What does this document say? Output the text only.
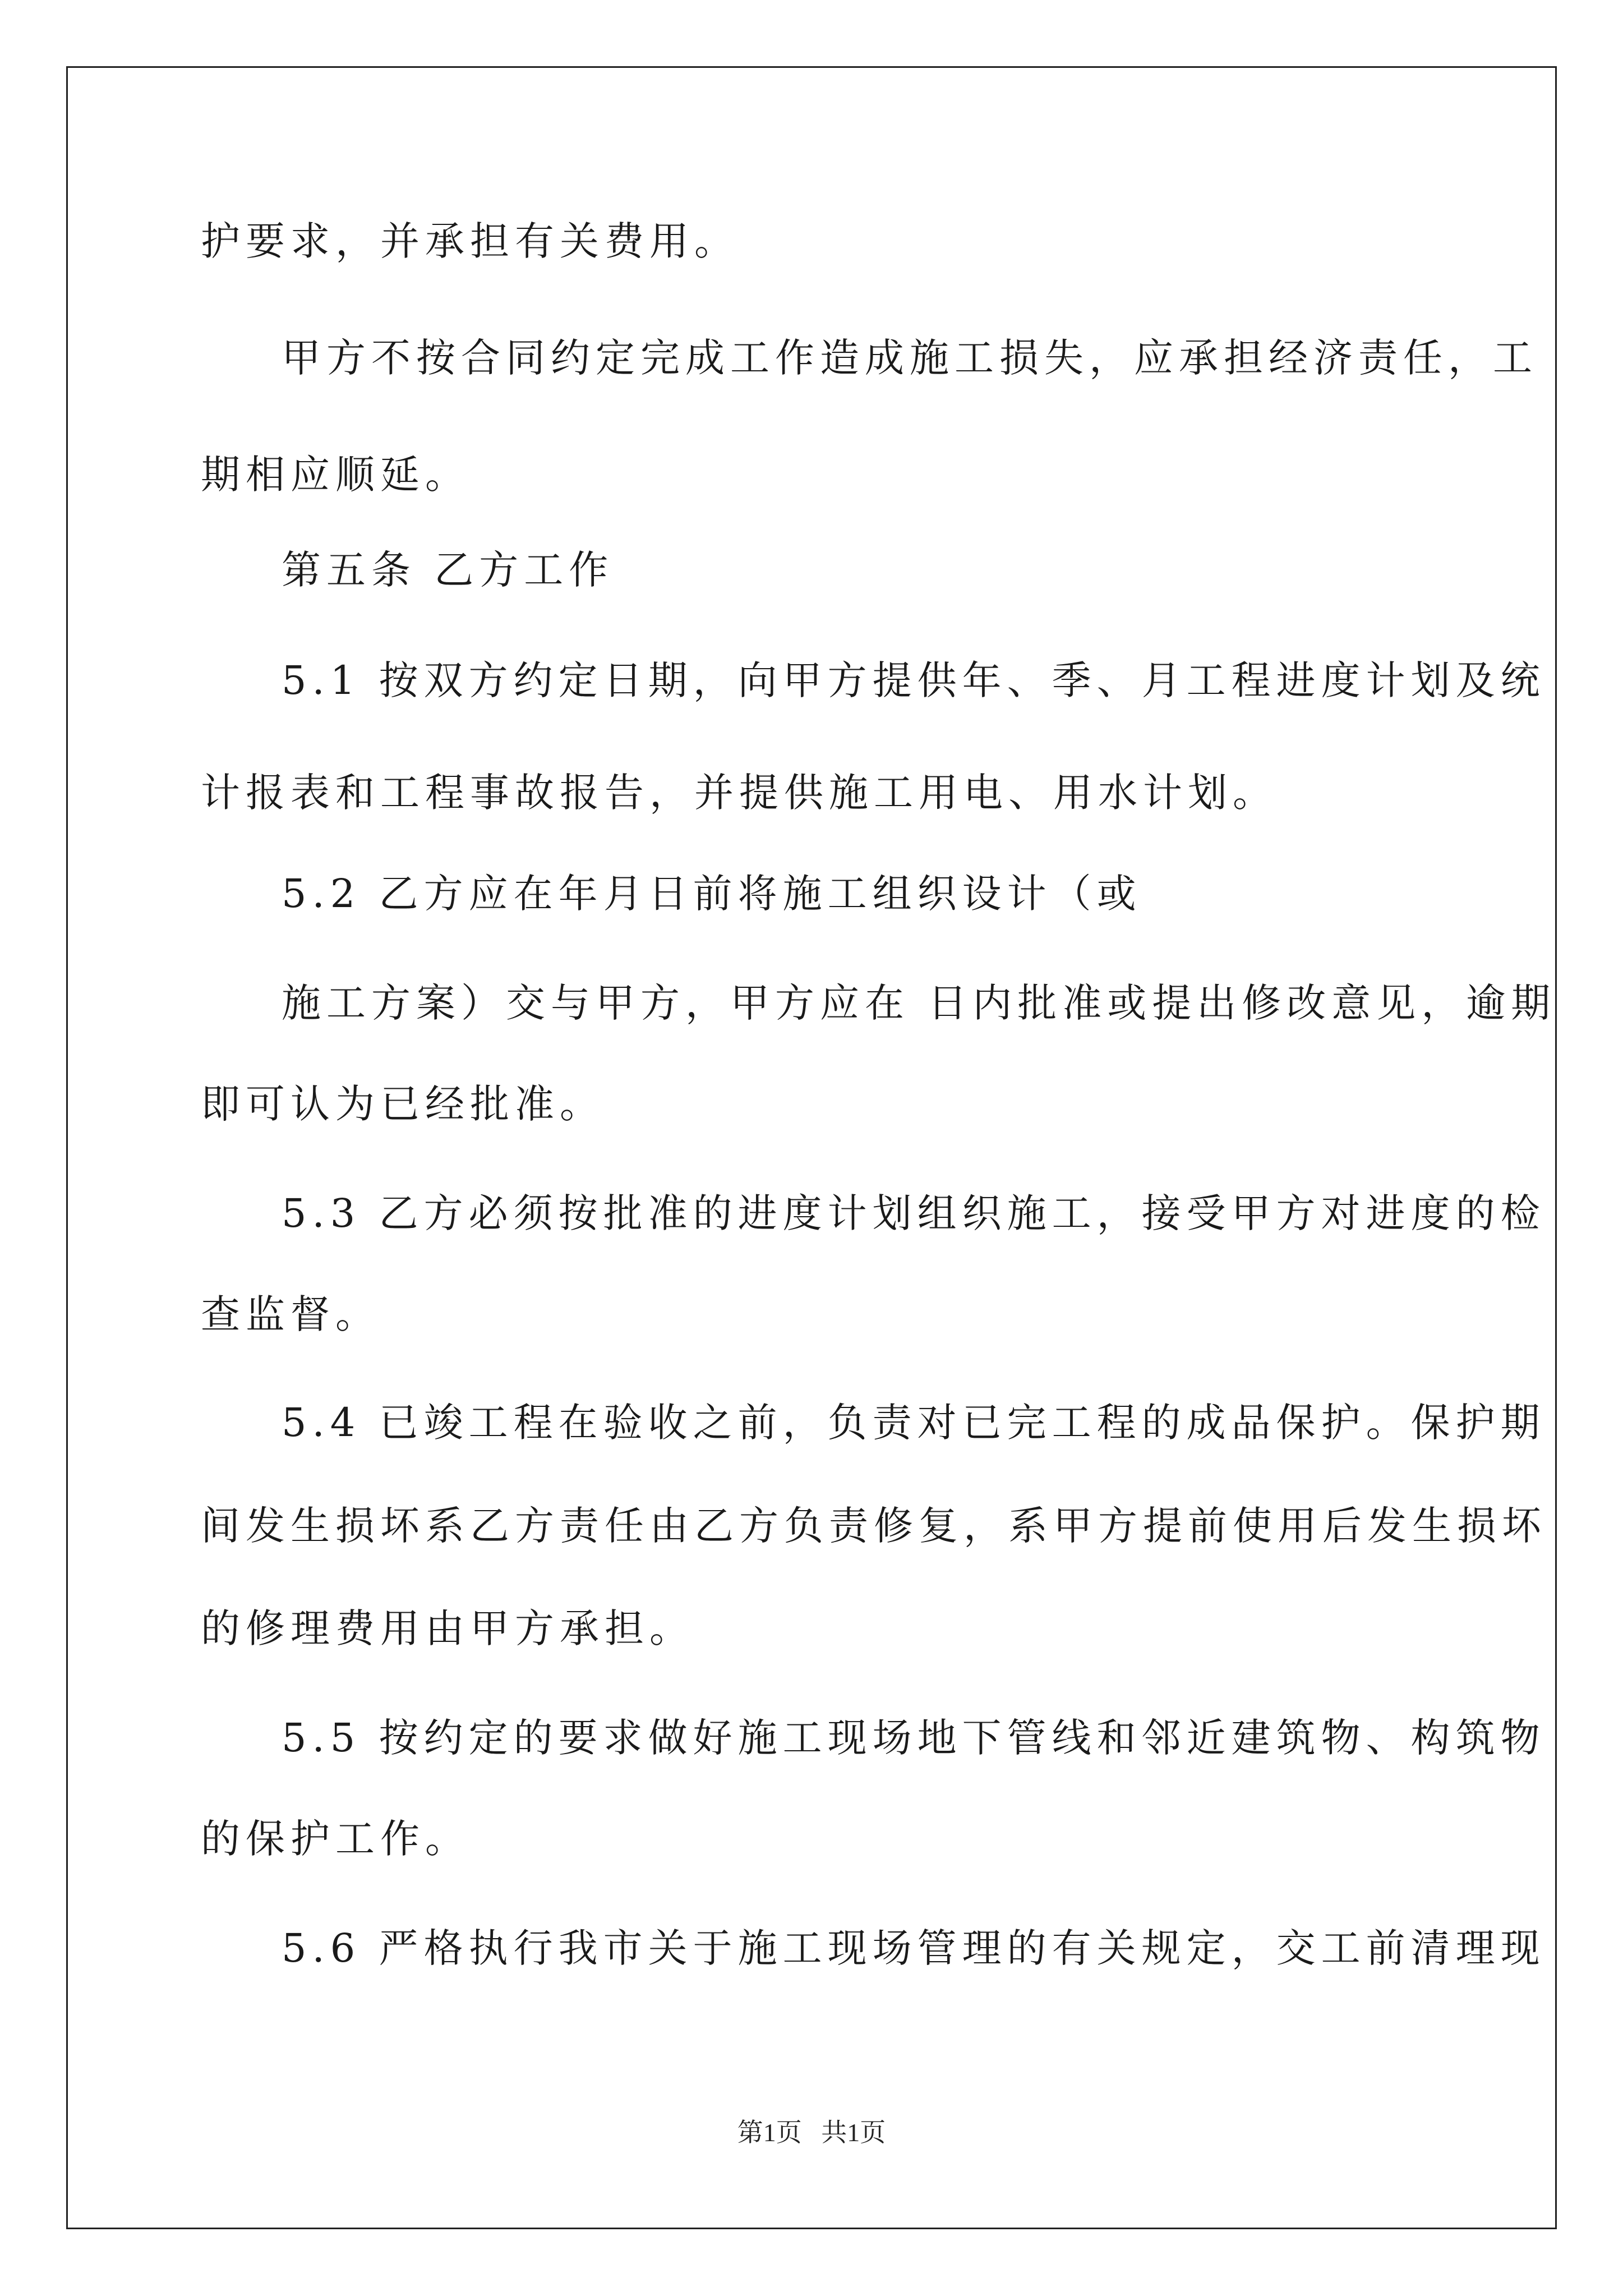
护要求，并承担有关费用。
甲方不按合同约定完成工作造成施工损失，应承担经济责任，工
期相应顺延。
第五条 乙方工作
5.1 按双方约定日期，向甲方提供年、季、月工程进度计划及统
计报表和工程事故报告，并提供施工用电、用水计划。
5.2 乙方应在年月日前将施工组织设计（或
施工方案）交与甲方，甲方应在 日内批准或提出修改意见，逾期
即可认为已经批准。
5.3 乙方必须按批准的进度计划组织施工，接受甲方对进度的检
查监督。
5.4 已竣工程在验收之前，负责对已完工程的成品保护。保护期
间发生损坏系乙方责任由乙方负责修复，系甲方提前使用后发生损坏
的修理费用由甲方承担。
5.5 按约定的要求做好施工现场地下管线和邻近建筑物、构筑物
的保护工作。
5.6 严格执行我市关于施工现场管理的有关规定，交工前清理现
第1页   共1页
